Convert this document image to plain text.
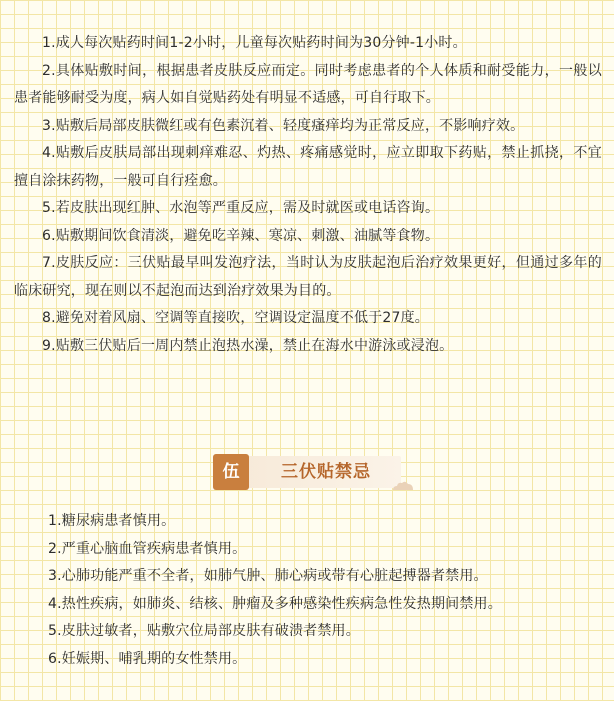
1.成人每次贴药时间1-2小时，儿童每次贴药时间为30分钟-1小时。

2.具体贴敷时间，根据患者皮肤反应而定。同时考虑患者的个人体质和耐受能力，一般以患者能够耐受为度，病人如自觉贴药处有明显不适感，可自行取下。

3.贴敷后局部皮肤微红或有色素沉着、轻度瘙痒均为正常反应，不影响疗效。

4.贴敷后皮肤局部出现刺痒难忍、灼热、疼痛感觉时，应立即取下药贴，禁止抓挠，不宜擅自涂抹药物，一般可自行痊愈。

5.若皮肤出现红肿、水泡等严重反应，需及时就医或电话咨询。

6.贴敷期间饮食清淡，避免吃辛辣、寒凉、刺激、油腻等食物。

7.皮肤反应：三伏贴最早叫发泡疗法，当时认为皮肤起泡后治疗效果更好，但通过多年的临床研究，现在则以不起泡而达到治疗效果为目的。

8.避免对着风扇、空调等直接吹，空调设定温度不低于27度。

9.贴敷三伏贴后一周内禁止泡热水澡，禁止在海水中游泳或浸泡。

伍	三伏贴禁忌

1.糖尿病患者慎用。

2.严重心脑血管疾病患者慎用。

3.心肺功能严重不全者，如肺气肿、肺心病或带有心脏起搏器者禁用。

4.热性疾病，如肺炎、结核、肿瘤及多种感染性疾病急性发热期间禁用。

5.皮肤过敏者，贴敷穴位局部皮肤有破溃者禁用。

6.妊娠期、哺乳期的女性禁用。
